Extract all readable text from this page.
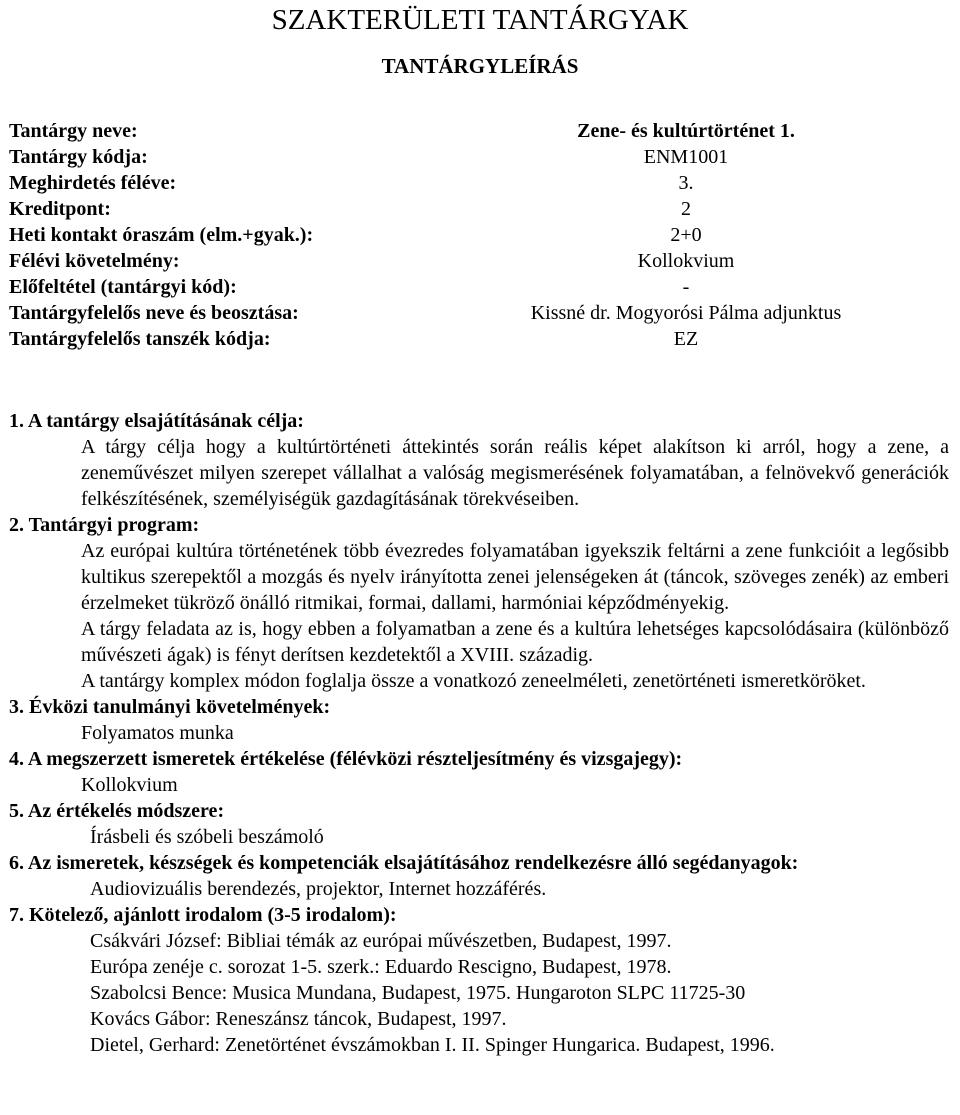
SZAKTERÜLETI TANTÁRGYAK
TANTÁRGYLEÍRÁS
Tantárgy neve:	Zene- és kultúrtörténet 1.
Tantárgy kódja:	ENM1001
Meghirdetés féléve:	3.
Kreditpont:	2
Heti kontakt óraszám (elm.+gyak.):	2+0
Félévi követelmény:	Kollokvium
Előfeltétel (tantárgyi kód):	-
Tantárgyfelelős neve és beosztása:	Kissné dr. Mogyorósi Pálma adjunktus
Tantárgyfelelős tanszék kódja:	EZ
1. A tantárgy elsajátításának célja:
A tárgy célja hogy a kultúrtörténeti áttekintés során reális képet alakítson ki arról, hogy a zene, a zeneművészet milyen szerepet vállalhat a valóság megismerésének folyamatában, a felnövekvő generációk felkészítésének, személyiségük gazdagításának törekvéseiben.
2. Tantárgyi program:
Az európai kultúra történetének több évezredes folyamatában igyekszik feltárni a zene funkcióit a legősibb kultikus szerepektől a mozgás és nyelv irányította zenei jelenségeken át (táncok, szöveges zenék) az emberi érzelmeket tükröző önálló ritmikai, formai, dallami, harmóniai képződményekig.
A tárgy feladata az is, hogy ebben a folyamatban a zene és a kultúra lehetséges kapcsolódásaira (különböző művészeti ágak) is fényt derítsen kezdetektől a XVIII. századig.
A tantárgy komplex módon foglalja össze a vonatkozó zeneelméleti, zenetörténeti ismeretköröket.
3. Évközi tanulmányi követelmények:
Folyamatos munka
4. A megszerzett ismeretek értékelése (félévközi részteljesítmény és vizsgajegy):
Kollokvium
5. Az értékelés módszere:
Írásbeli és szóbeli beszámoló
6. Az ismeretek, készségek és kompetenciák elsajátításához rendelkezésre álló segédanyagok:
Audiovizuális berendezés, projektor, Internet hozzáférés.
7. Kötelező, ajánlott irodalom (3-5 irodalom):
Csákvári József: Bibliai témák az európai művészetben, Budapest, 1997.
Európa zenéje c. sorozat 1-5. szerk.: Eduardo Rescigno, Budapest, 1978.
Szabolcsi Bence: Musica Mundana, Budapest, 1975. Hungaroton SLPC 11725-30
Kovács Gábor: Reneszánsz táncok, Budapest, 1997.
Dietel, Gerhard: Zenetörténet évszámokban I. II. Spinger Hungarica. Budapest, 1996.
